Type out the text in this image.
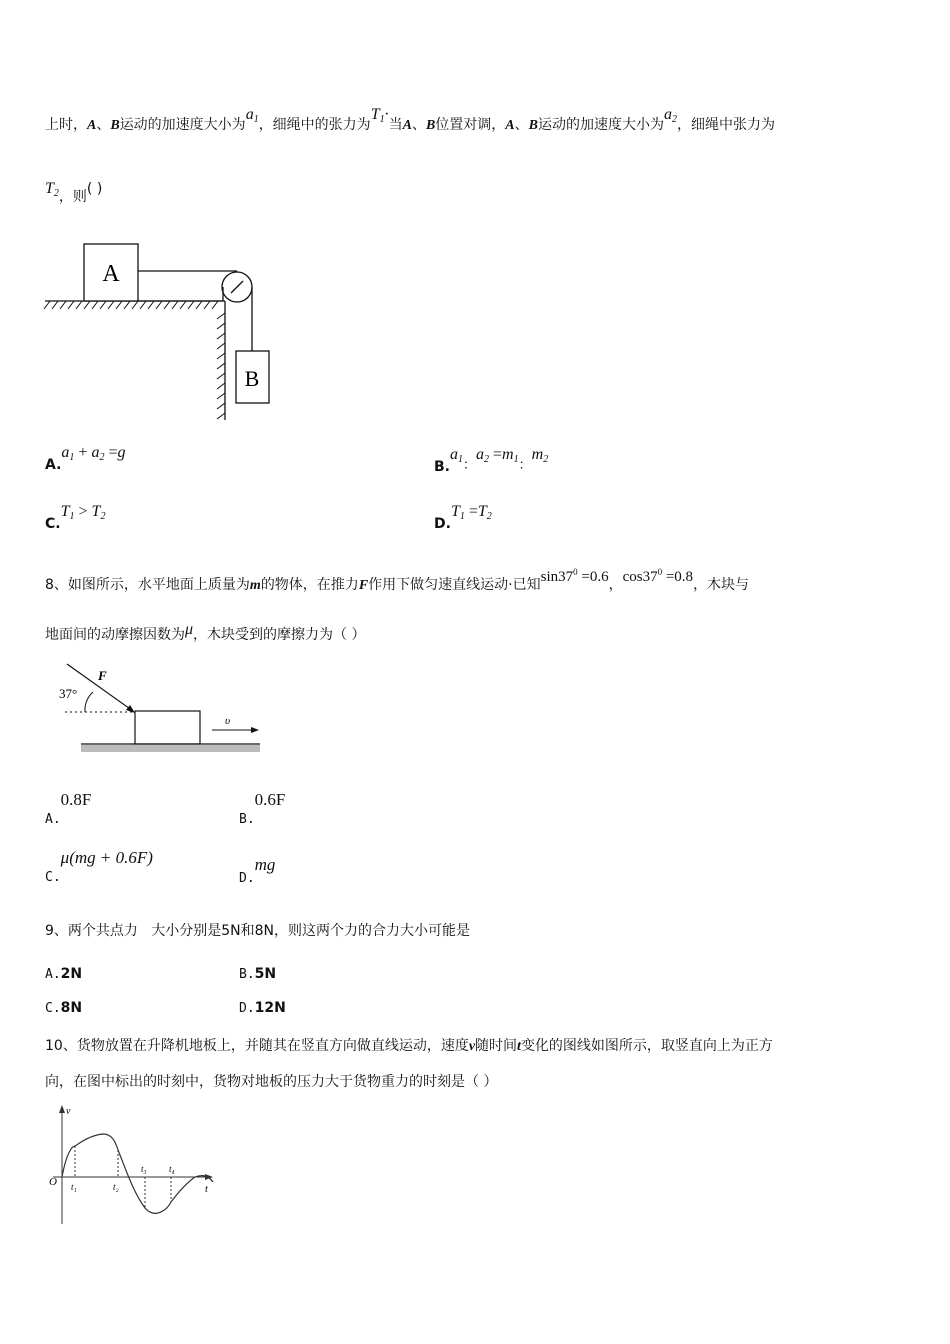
上时，A、B运动的加速度大小为$a_1$，细绳中的张力为$T_1\cdot$当A、B位置对调，A、B运动的加速度大小为$a_2$，细绳中张力为
$T_2$，则( )
A
B
$A.a_1 + a_2 =g$
$B.a_{1:}a_2 =m_{1:}m_2$
$C.T_1 > T_2$	$D.T_1 =T_2$
8、如图所示，水平地面上质量为m的物体，在推力F作用下做匀速直线运动·已知$\sin 37^0 =0.6$，$\cos 37^0 =0.8$，木块与
地面间的动摩擦因数为μ，木块受到的摩擦力为（ ）
37°
F
υ
A.0.8F
B.0.6F
C.μ(mg + 0.6F)
D.mg
9、两个共点力   大小分别是5N和8N，则这两个力的合力大小可能是
A.2N	B.5N
C.8N	D.12N
10、货物放置在升降机地板上，并随其在竖直方向做直线运动，速度v随时间t变化的图线如图所示，取竖直向上为正方
向，在图中标出的时刻中，货物对地板的压力大于货物重力的时刻是（ ）
v
t
O t₁	t₂
t₃ t₄
